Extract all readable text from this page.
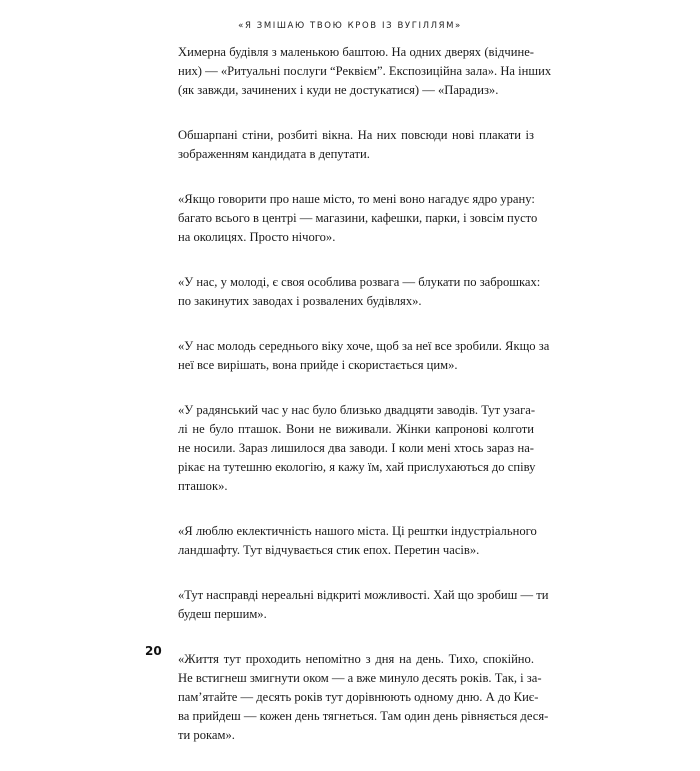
«Я ЗМІШАЮ ТВОЮ КРОВ ІЗ ВУГІЛЛЯМ»

Химерна будівля з маленькою баштою. На одних дверях (відчине-
них) — «Ритуальні послуги “Реквієм”. Експозиційна зала». На інших
(як завжди, зачинених і куди не достукатися) — «Парадиз».

Обшарпані стіни, розбиті вікна. На них повсюди нові плакати із
зображенням кандидата в депутати.

«Якщо говорити про наше місто, то мені воно нагадує ядро урану:
багато всього в центрі — магазини, кафешки, парки, і зовсім пусто
на околицях. Просто нічого».

«У нас, у молоді, є своя особлива розвага — блукати по заброшках:
по закинутих заводах і розвалених будівлях».

«У нас молодь середнього віку хоче, щоб за неї все зробили. Якщо за
неї все вирішать, вона прийде і скористається цим».

«У радянський час у нас було близько двадцяти заводів. Тут узага-
лі не було пташок. Вони не виживали. Жінки капронові колготи
не носили. Зараз лишилося два заводи. І коли мені хтось зараз на-
рікає на тутешню екологію, я кажу їм, хай прислухаються до співу
пташок».

«Я люблю еклектичність нашого міста. Ці рештки індустріального
ландшафту. Тут відчувається стик епох. Перетин часів».

«Тут насправді нереальні відкриті можливості. Хай що зробиш — ти
будеш першим».

«Життя тут проходить непомітно з дня на день. Тихо, спокійно.
Не встигнеш змигнути оком — а вже минуло десять років. Так, і за-
пам’ятайте — десять років тут дорівнюють одному дню. А до Киє-
ва прийдеш — кожен день тягнеться. Там один день рівняється деся-
ти рокам».

20
